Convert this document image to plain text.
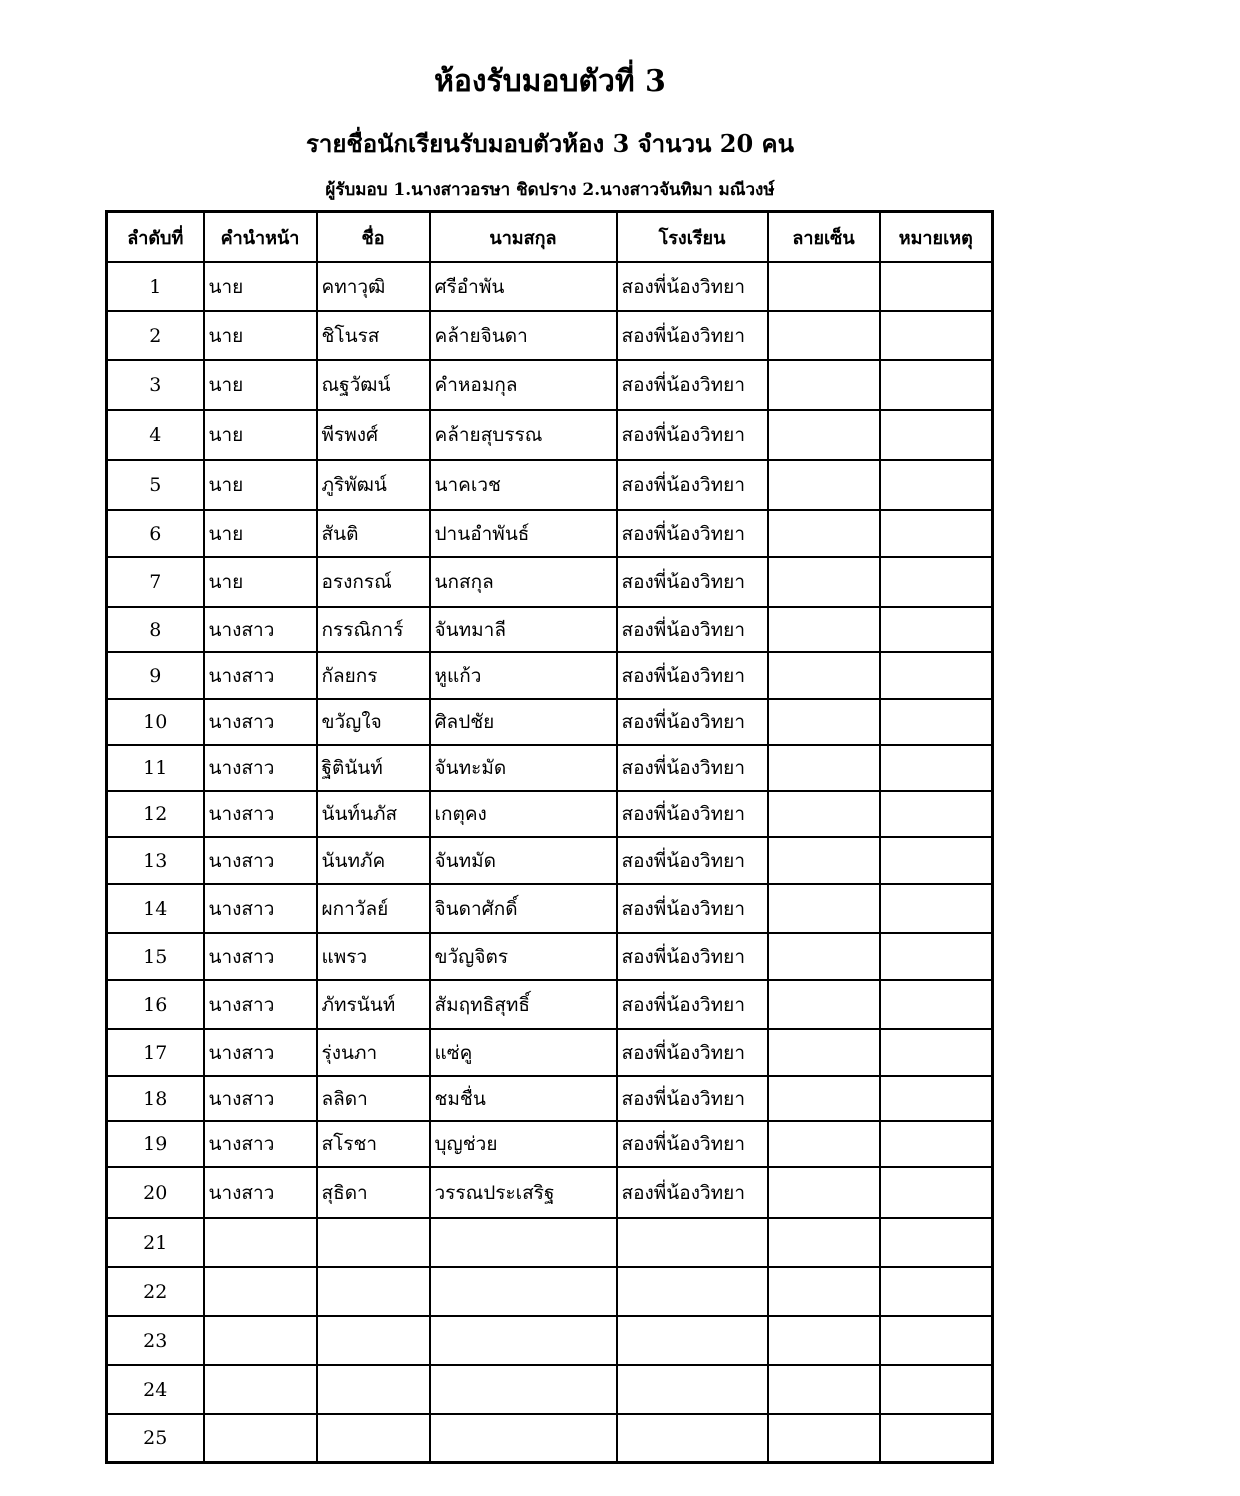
ห้องรับมอบตัวที่ 3
รายชื่อนักเรียนรับมอบตัวห้อง 3 จำนวน 20 คน
ผู้รับมอบ 1.นางสาวอรษา ชิดปราง 2.นางสาวจันทิมา มณีวงษ์
ลำดับที่	คำนำหน้า	ชื่อ	นามสกุล	โรงเรียน	ลายเซ็น	หมายเหตุ
1	นาย	คทาวุฒิ	ศรีอำพัน	สองพี่น้องวิทยา		
2	นาย	ชิโนรส	คล้ายจินดา	สองพี่น้องวิทยา		
3	นาย	ณฐวัฒน์	คำหอมกุล	สองพี่น้องวิทยา		
4	นาย	พีรพงศ์	คล้ายสุบรรณ	สองพี่น้องวิทยา		
5	นาย	ภูริพัฒน์	นาคเวช	สองพี่น้องวิทยา		
6	นาย	สันติ	ปานอำพันธ์	สองพี่น้องวิทยา		
7	นาย	อรงกรณ์	นกสกุล	สองพี่น้องวิทยา		
8	นางสาว	กรรณิการ์	จันทมาลี	สองพี่น้องวิทยา		
9	นางสาว	กัลยกร	หูแก้ว	สองพี่น้องวิทยา		
10	นางสาว	ขวัญใจ	ศิลปชัย	สองพี่น้องวิทยา		
11	นางสาว	ฐิตินันท์	จันทะมัด	สองพี่น้องวิทยา		
12	นางสาว	นันท์นภัส	เกตุคง	สองพี่น้องวิทยา		
13	นางสาว	นันทภัค	จันทมัด	สองพี่น้องวิทยา		
14	นางสาว	ผกาวัลย์	จินดาศักดิ์	สองพี่น้องวิทยา		
15	นางสาว	แพรว	ขวัญจิตร	สองพี่น้องวิทยา		
16	นางสาว	ภัทรนันท์	สัมฤทธิสุทธิ์	สองพี่น้องวิทยา		
17	นางสาว	รุ่งนภา	แซ่คู	สองพี่น้องวิทยา		
18	นางสาว	ลลิดา	ชมชื่น	สองพี่น้องวิทยา		
19	นางสาว	สโรชา	บุญช่วย	สองพี่น้องวิทยา		
20	นางสาว	สุธิดา	วรรณประเสริฐ	สองพี่น้องวิทยา		
21						
22						
23						
24						
25						
